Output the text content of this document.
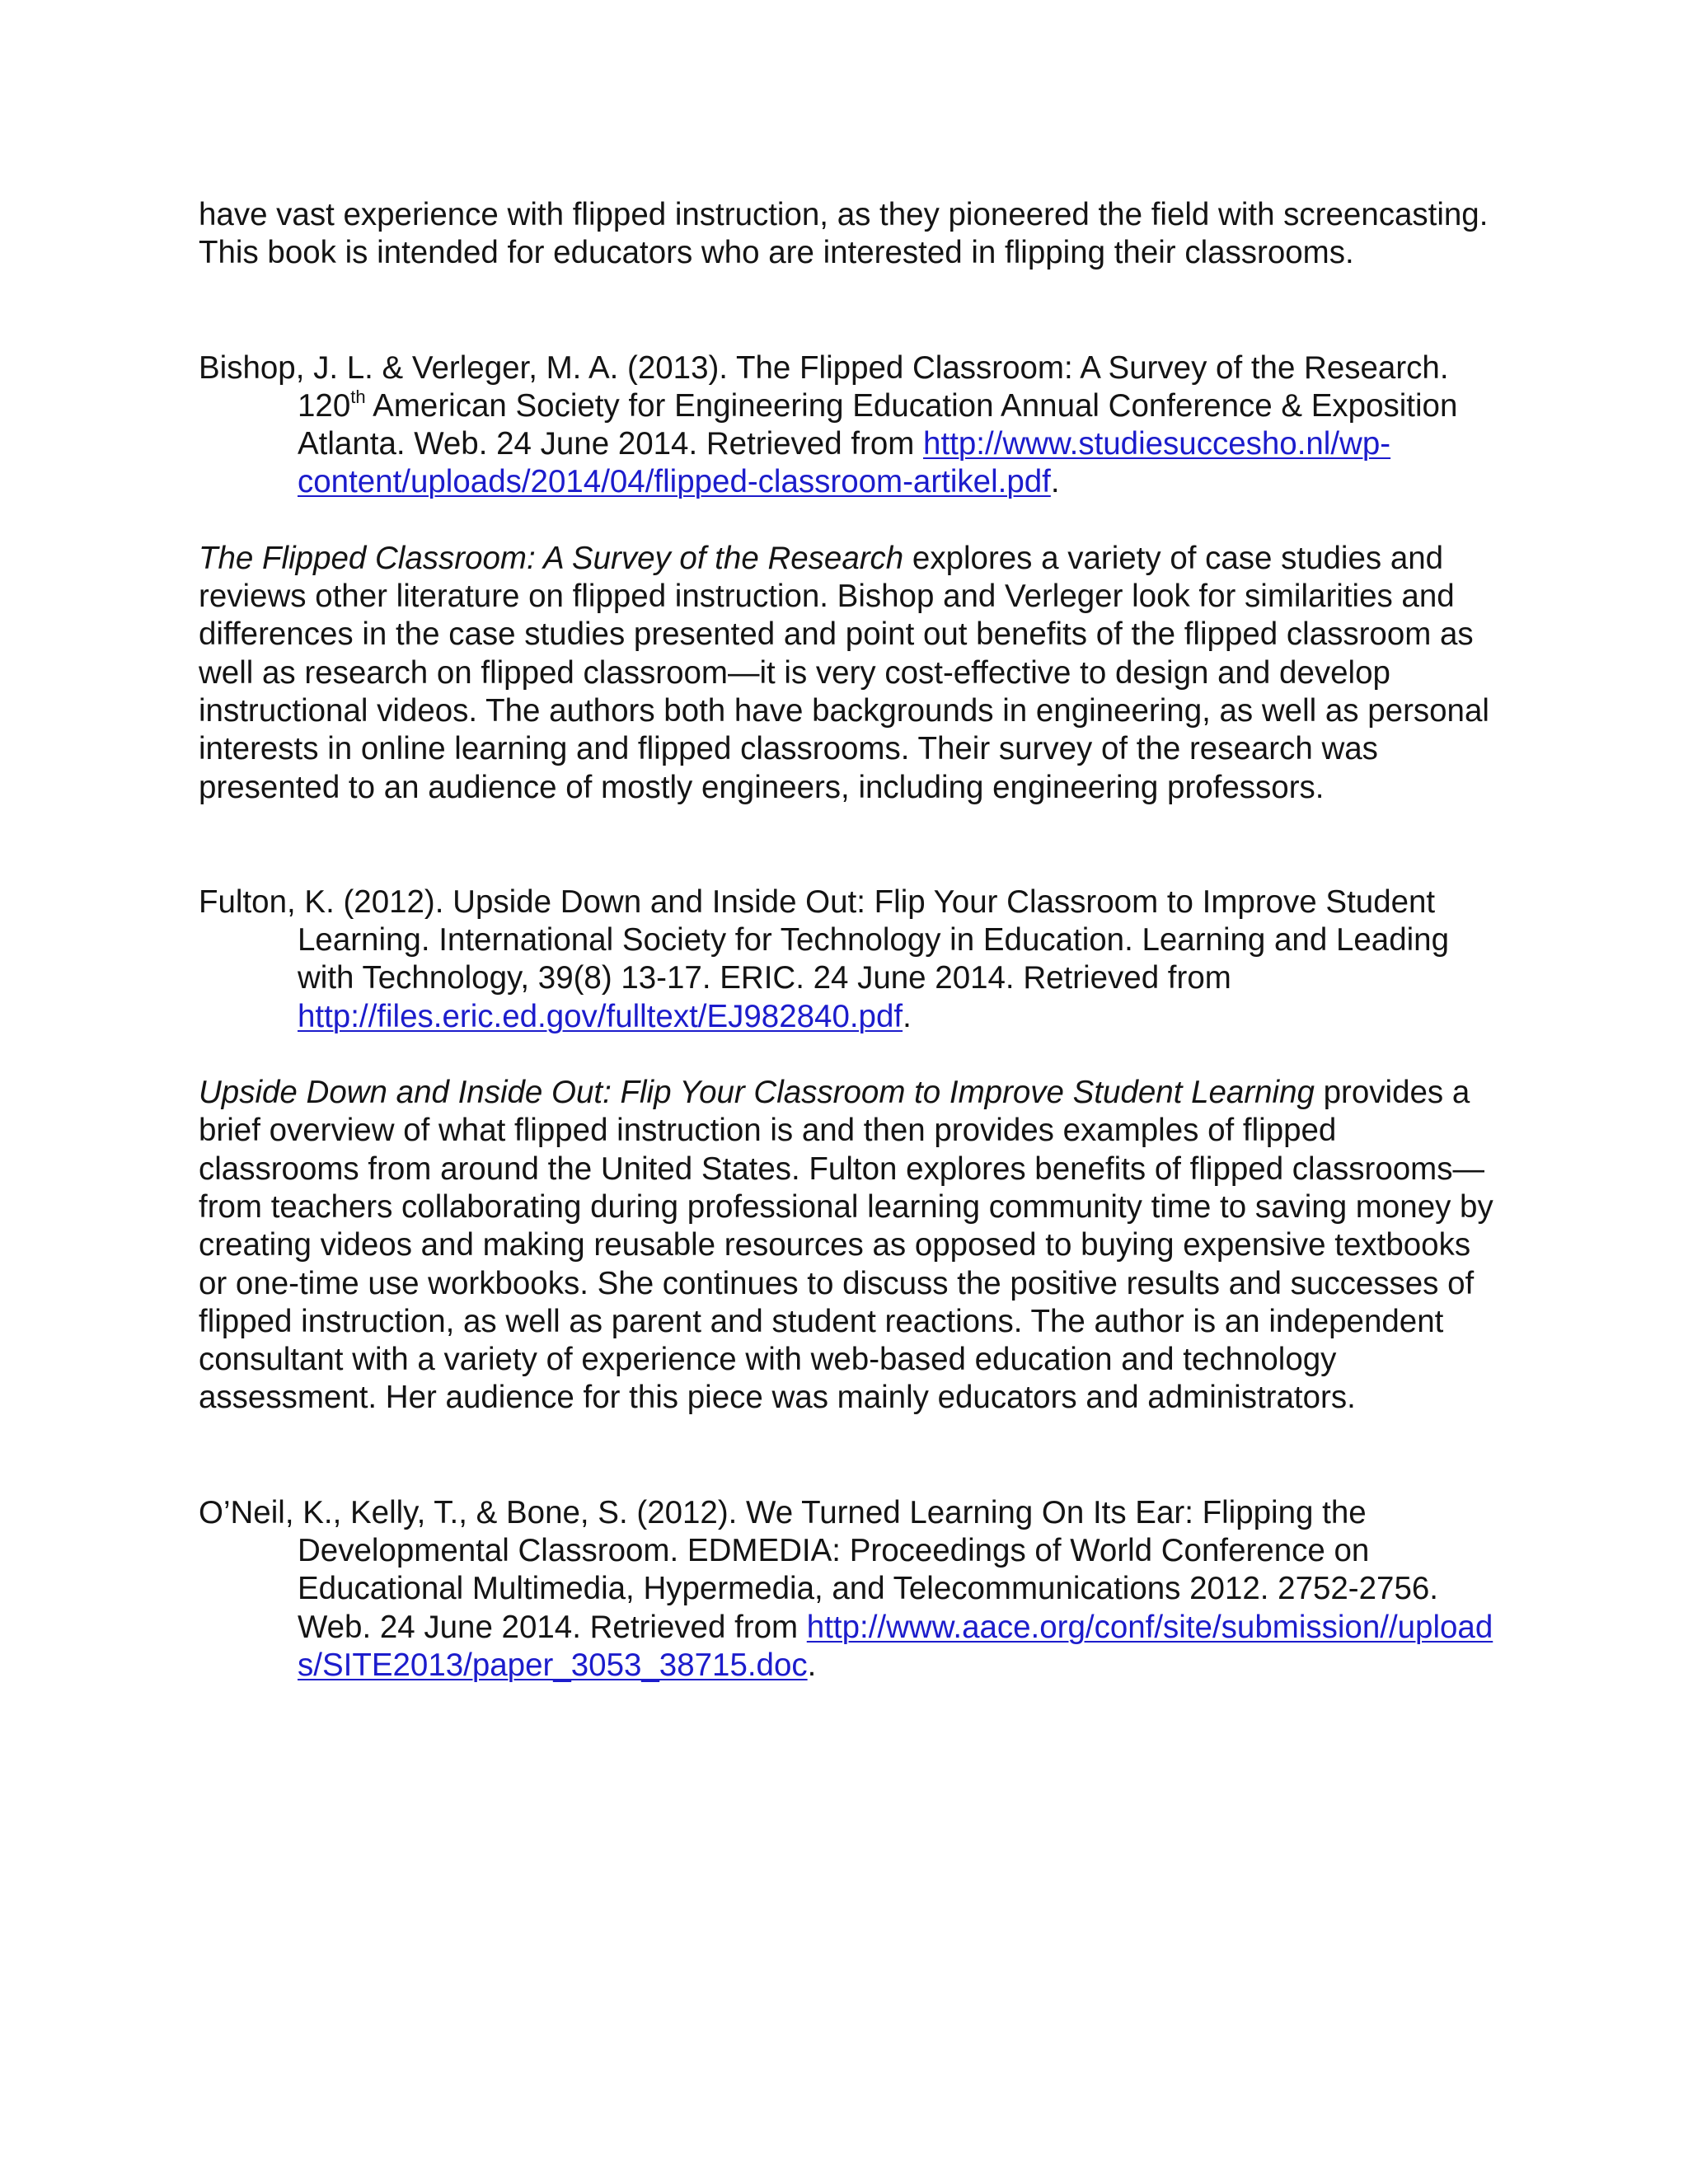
have vast experience with flipped instruction, as they pioneered the field with screencasting. This book is intended for educators who are interested in flipping their classrooms.

Bishop, J. L. & Verleger, M. A. (2013). The Flipped Classroom: A Survey of the Research. 120th American Society for Engineering Education Annual Conference & Exposition Atlanta. Web. 24 June 2014. Retrieved from http://www.studiesuccesho.nl/wp-content/uploads/2014/04/flipped-classroom-artikel.pdf.

The Flipped Classroom: A Survey of the Research explores a variety of case studies and reviews other literature on flipped instruction. Bishop and Verleger look for similarities and differences in the case studies presented and point out benefits of the flipped classroom as well as research on flipped classroom—it is very cost-effective to design and develop instructional videos. The authors both have backgrounds in engineering, as well as personal interests in online learning and flipped classrooms. Their survey of the research was presented to an audience of mostly engineers, including engineering professors.

Fulton, K. (2012). Upside Down and Inside Out: Flip Your Classroom to Improve Student Learning. International Society for Technology in Education. Learning and Leading with Technology, 39(8) 13-17. ERIC. 24 June 2014. Retrieved from http://files.eric.ed.gov/fulltext/EJ982840.pdf.

Upside Down and Inside Out: Flip Your Classroom to Improve Student Learning provides a brief overview of what flipped instruction is and then provides examples of flipped classrooms from around the United States. Fulton explores benefits of flipped classrooms—from teachers collaborating during professional learning community time to saving money by creating videos and making reusable resources as opposed to buying expensive textbooks or one-time use workbooks. She continues to discuss the positive results and successes of flipped instruction, as well as parent and student reactions. The author is an independent consultant with a variety of experience with web-based education and technology assessment. Her audience for this piece was mainly educators and administrators.

O’Neil, K., Kelly, T., & Bone, S. (2012). We Turned Learning On Its Ear: Flipping the Developmental Classroom. EDMEDIA: Proceedings of World Conference on Educational Multimedia, Hypermedia, and Telecommunications 2012. 2752-2756. Web. 24 June 2014. Retrieved from http://www.aace.org/conf/site/submission//uploads/SITE2013/paper_3053_38715.doc.
